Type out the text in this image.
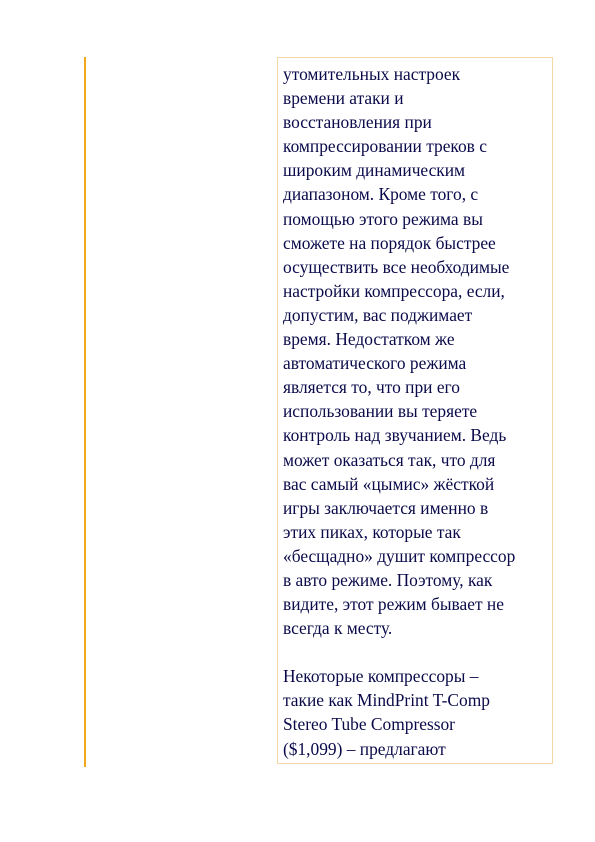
утомительных настроек
времени атаки и
восстановления при
компрессировании треков с
широким динамическим
диапазоном. Кроме того, с
помощью этого режима вы
сможете на порядок быстрее
осуществить все необходимые
настройки компрессора, если,
допустим, вас поджимает
время. Недостатком же
автоматического режима
является то, что при его
использовании вы теряете
контроль над звучанием. Ведь
может оказаться так, что для
вас самый «цымис» жёсткой
игры заключается именно в
этих пиках, которые так
«бесщадно» душит компрессор
в авто режиме. Поэтому, как
видите, этот режим бывает не
всегда к месту.

Некоторые компрессоры –
такие как MindPrint T-Comp
Stereo Tube Compressor
($1,099) – предлагают
